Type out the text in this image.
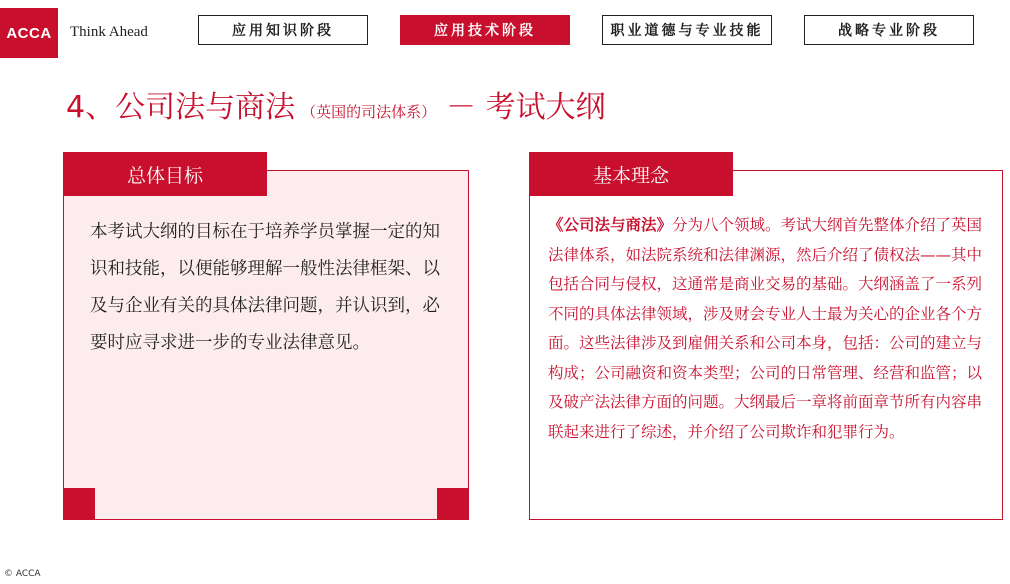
ACCA Think Ahead	应用知识阶段	应用技术阶段	职业道德与专业技能	战略专业阶段
4、公司法与商法 （英国的司法体系） － 考试大纲
总体目标
本考试大纲的目标在于培养学员掌握一定的知识和技能，以便能够理解一般性法律框架、以及与企业有关的具体法律问题，并认识到，必要时应寻求进一步的专业法律意见。
基本理念
《公司法与商法》分为八个领域。考试大纲首先整体介绍了英国法律体系，如法院系统和法律渊源，然后介绍了债权法——其中包括合同与侵权，这通常是商业交易的基础。大纲涵盖了一系列不同的具体法律领域，涉及财会专业人士最为关心的企业各个方面。这些法律涉及到雇佣关系和公司本身，包括：公司的建立与构成；公司融资和资本类型；公司的日常管理、经营和监管；以及破产法法律方面的问题。大纲最后一章将前面章节所有内容串联起来进行了综述，并介绍了公司欺诈和犯罪行为。
© ACCA
